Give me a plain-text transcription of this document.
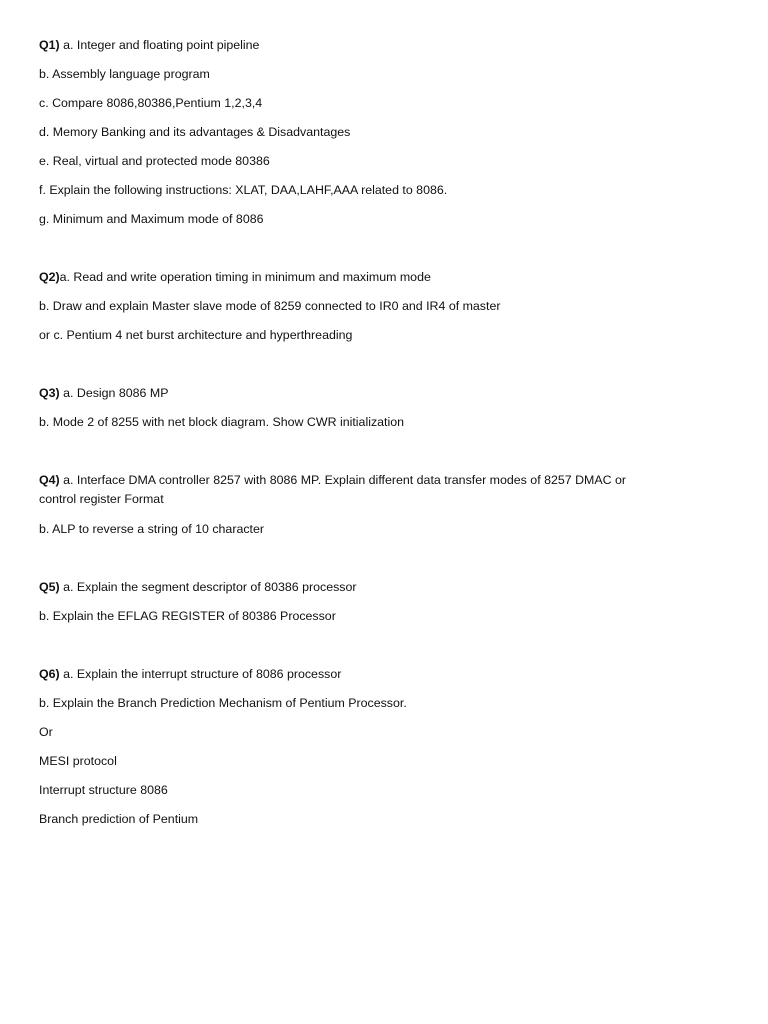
Q1) a. Integer and floating point pipeline

b. Assembly language program

c. Compare 8086,80386,Pentium 1,2,3,4

d. Memory Banking and its advantages & Disadvantages

e. Real, virtual and protected mode 80386

f. Explain the following instructions: XLAT, DAA,LAHF,AAA related to 8086.

g. Minimum and Maximum mode of 8086

Q2)a. Read and write operation timing in minimum and maximum mode

b. Draw and explain Master slave mode of 8259 connected to IR0 and IR4 of master

or c. Pentium 4 net burst architecture and hyperthreading

Q3) a. Design 8086 MP

b. Mode 2 of 8255 with net block diagram. Show CWR initialization

Q4) a. Interface DMA controller 8257 with 8086 MP. Explain different data transfer modes of 8257 DMAC or control register Format

b. ALP to reverse a string of 10 character

Q5) a. Explain the segment descriptor of 80386 processor

b. Explain the EFLAG REGISTER of 80386 Processor

Q6) a. Explain the interrupt structure of 8086 processor

b. Explain the Branch Prediction Mechanism of Pentium Processor.

Or

MESI protocol

Interrupt structure 8086

Branch prediction of Pentium
